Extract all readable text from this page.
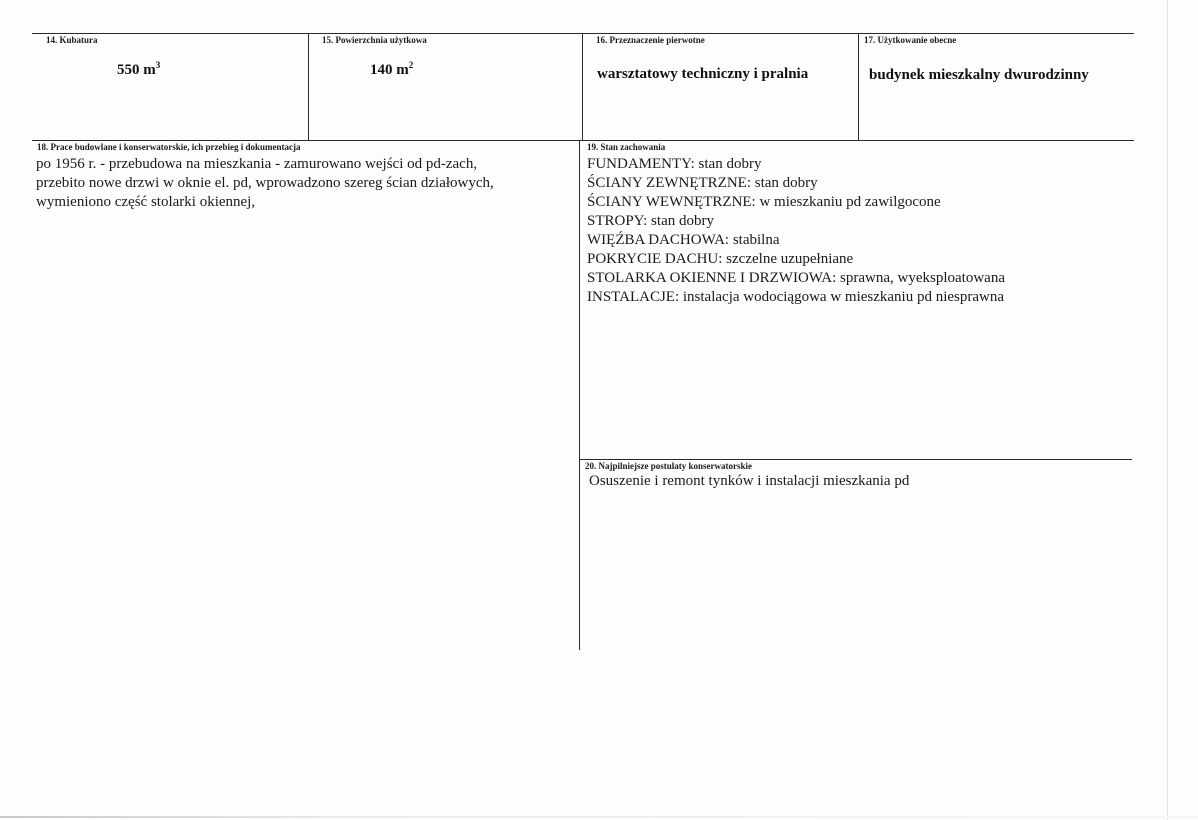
14. Kubatura
550 $m^3$
15. Powierzchnia użytkowa
140 $m^2$
16. Przeznaczenie pierwotne
warsztatowy techniczny i pralnia
17. Użytkowanie obecne
budynek mieszkalny dwurodzinny
18. Prace budowlane i konserwatorskie, ich przebieg i dokumentacja
po 1956 r. - przebudowa na mieszkania - zamurowano wejści od pd-zach,
przebito nowe drzwi w oknie el. pd, wprowadzono szereg ścian działowych,
wymieniono część stolarki okiennej,
19. Stan zachowania
FUNDAMENTY: stan dobry
ŚCIANY ZEWNĘTRZNE: stan dobry
ŚCIANY WEWNĘTRZNE: w mieszkaniu pd zawilgocone
STROPY: stan dobry
WIĘŹBA DACHOWA: stabilna
POKRYCIE DACHU: szczelne uzupełniane
STOLARKA OKIENNE I DRZWIOWA: sprawna, wyeksploatowana
INSTALACJE: instalacja wodociągowa w mieszkaniu pd niesprawna
20. Najpilniejsze postulaty konserwatorskie
Osuszenie i remont tynków i instalacji mieszkania pd
